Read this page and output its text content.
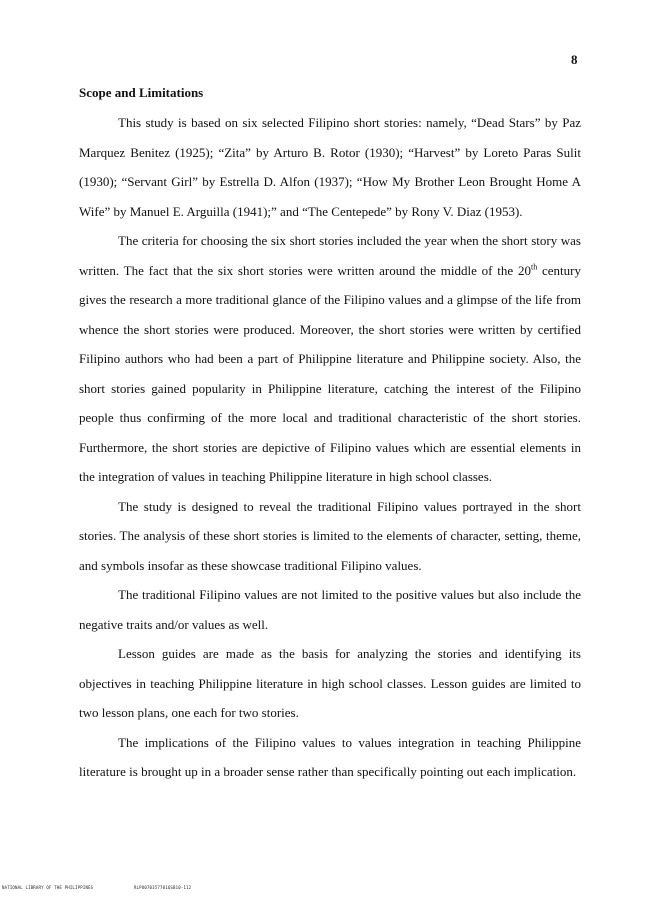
8
Scope and Limitations

This study is based on six selected Filipino short stories: namely, “Dead Stars” by Paz Marquez Benitez (1925); “Zita” by Arturo B. Rotor (1930); “Harvest” by Loreto Paras Sulit (1930); “Servant Girl” by Estrella D. Alfon (1937); “How My Brother Leon Brought Home A Wife” by Manuel E. Arguilla (1941);” and “The Centepede” by Rony V. Diaz (1953).

The criteria for choosing the six short stories included the year when the short story was written. The fact that the six short stories were written around the middle of the 20th century gives the research a more traditional glance of the Filipino values and a glimpse of the life from whence the short stories were produced. Moreover, the short stories were written by certified Filipino authors who had been a part of Philippine literature and Philippine society. Also, the short stories gained popularity in Philippine literature, catching the interest of the Filipino people thus confirming of the more local and traditional characteristic of the short stories. Furthermore, the short stories are depictive of Filipino values which are essential elements in the integration of values in teaching Philippine literature in high school classes.

The study is designed to reveal the traditional Filipino values portrayed in the short stories. The analysis of these short stories is limited to the elements of character, setting, theme, and symbols insofar as these showcase traditional Filipino values.

The traditional Filipino values are not limited to the positive values but also include the negative traits and/or values as well.

Lesson guides are made as the basis for analyzing the stories and identifying its objectives in teaching Philippine literature in high school classes. Lesson guides are limited to two lesson plans, one each for two stories.

The implications of the Filipino values to values integration in teaching Philippine literature is brought up in a broader sense rather than specifically pointing out each implication.

NATIONAL LIBRARY OF THE PHILIPPINES	RLPO0703577016SB10-112
